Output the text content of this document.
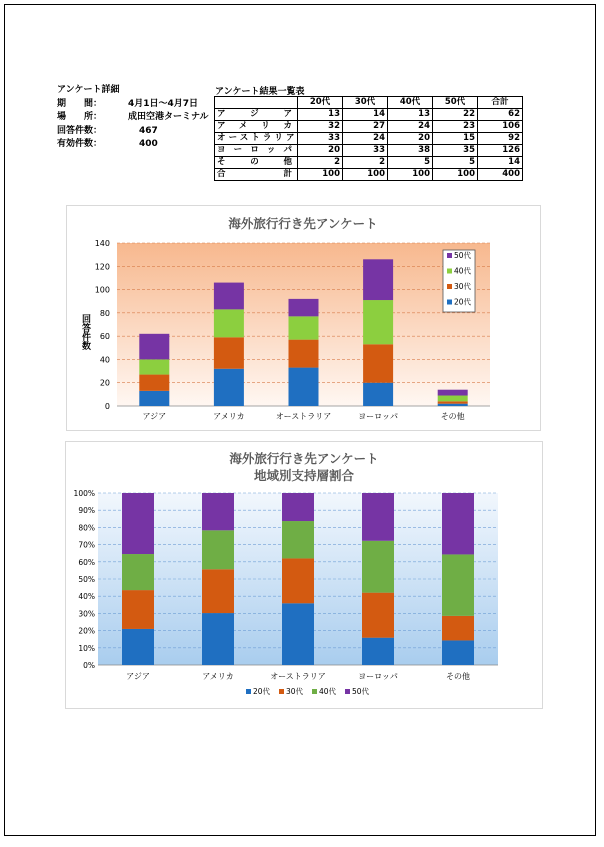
アンケート詳細
期　　間：	4月1日～4月7日
場　　所：	成田空港ターミナル
回答件数：	467
有効件数：	400
アンケート結果一覧表
	20代	30代	40代	50代	合計
アジア	13	14	13	22	62
アメリカ	32	27	24	23	106
オーストラリア	33	24	20	15	92
ヨーロッパ	20	33	38	35	126
その他	2	2	5	5	14
合計	100	100	100	100	400
海外旅行行き先アンケート
回答件数
0
20
40
60
80
100
120
140
アジア	アメリカ	オーストラリア	ヨーロッパ	その他
50代
40代
30代
20代
海外旅行行き先アンケート
地域別支持層割合
0%
10%
20%
30%
40%
50%
60%
70%
80%
90%
100%
アジア	アメリカ	オーストラリア	ヨーロッパ	その他
20代 30代 40代 50代
